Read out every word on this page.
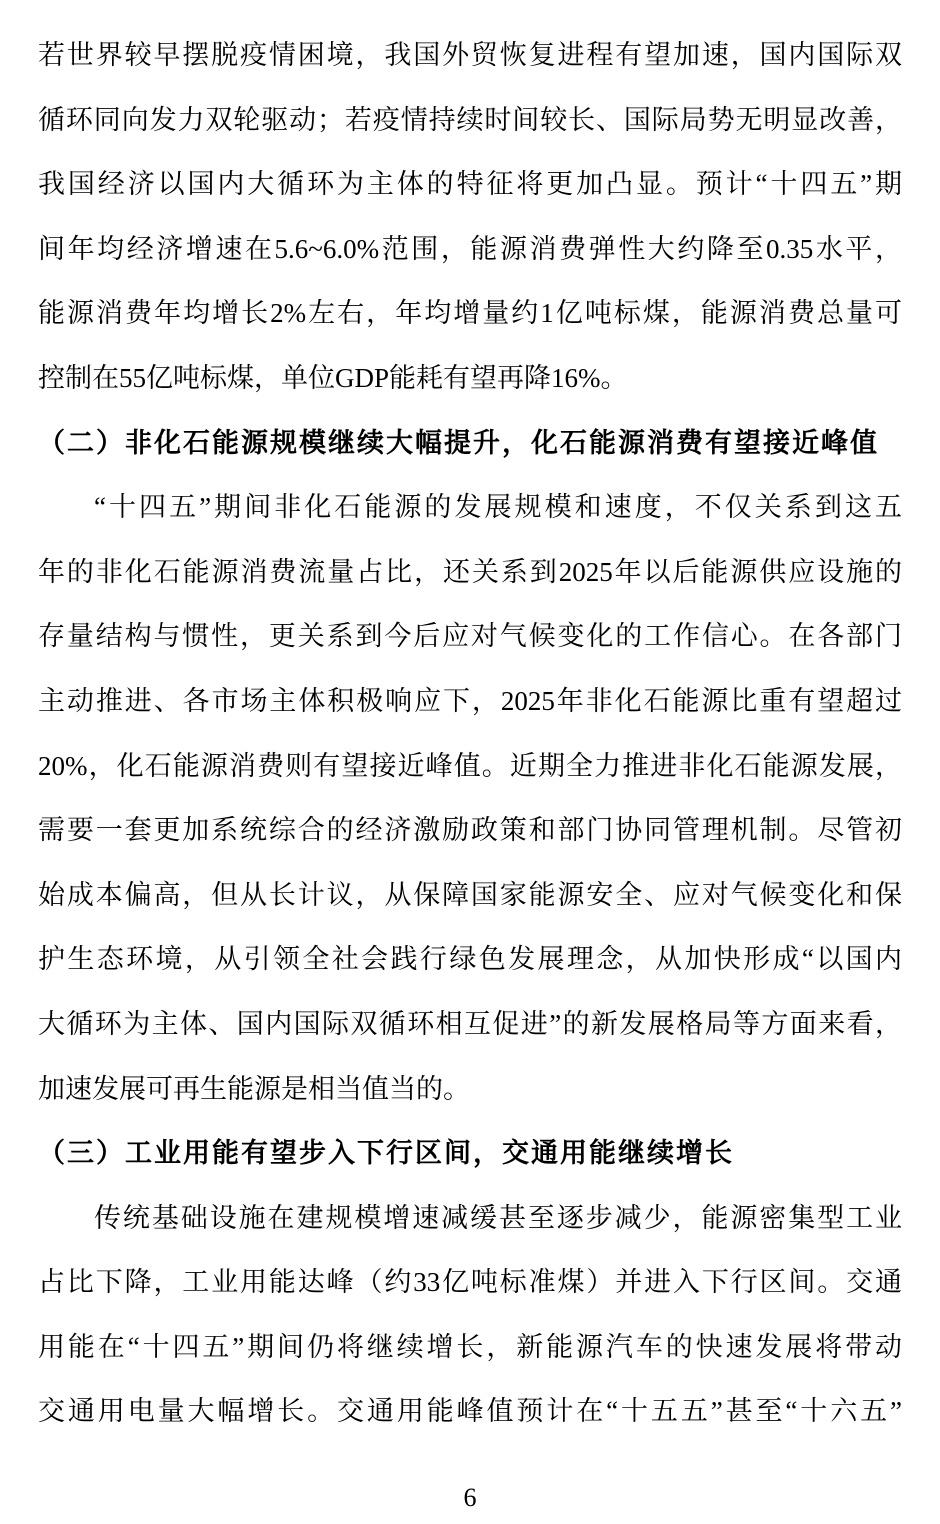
若世界较早摆脱疫情困境，我国外贸恢复进程有望加速，国内国际双
循环同向发力双轮驱动；若疫情持续时间较长、国际局势无明显改善，
我国经济以国内大循环为主体的特征将更加凸显。预计“十四五”期
间年均经济增速在5.6~6.0%范围，能源消费弹性大约降至0.35水平，
能源消费年均增长2%左右，年均增量约1亿吨标煤，能源消费总量可
控制在55亿吨标煤，单位GDP能耗有望再降16%。
（二）非化石能源规模继续大幅提升，化石能源消费有望接近峰值
“十四五”期间非化石能源的发展规模和速度，不仅关系到这五
年的非化石能源消费流量占比，还关系到2025年以后能源供应设施的
存量结构与惯性，更关系到今后应对气候变化的工作信心。在各部门
主动推进、各市场主体积极响应下，2025年非化石能源比重有望超过
20%，化石能源消费则有望接近峰值。近期全力推进非化石能源发展，
需要一套更加系统综合的经济激励政策和部门协同管理机制。尽管初
始成本偏高，但从长计议，从保障国家能源安全、应对气候变化和保
护生态环境，从引领全社会践行绿色发展理念，从加快形成“以国内
大循环为主体、国内国际双循环相互促进”的新发展格局等方面来看，
加速发展可再生能源是相当值当的。
（三）工业用能有望步入下行区间，交通用能继续增长
传统基础设施在建规模增速减缓甚至逐步减少，能源密集型工业
占比下降，工业用能达峰（约33亿吨标准煤）并进入下行区间。交通
用能在“十四五”期间仍将继续增长，新能源汽车的快速发展将带动
交通用电量大幅增长。交通用能峰值预计在“十五五”甚至“十六五”
6
